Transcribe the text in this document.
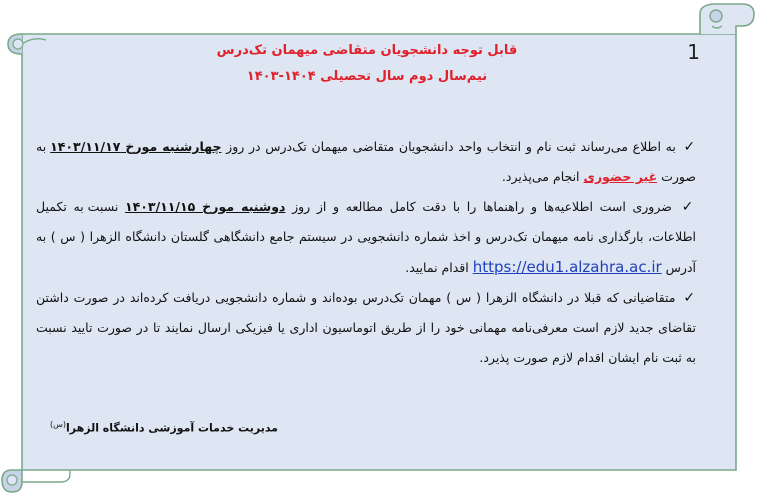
1
قابل توجه دانشجویان متقاضی میهمان تک‌درس
نیم‌سال دوم سال تحصیلی ۱۴۰۴-۱۴۰۳
✓ به اطلاع می‌رساند ثبت نام و انتخاب واحد دانشجویان متقاضی میهمان تک‌درس در روز چهارشنبه مورخ ۱۴۰۳/۱۱/۱۷ به صورت غیر حضوری انجام می‌پذیرد.
✓ ضروری است اطلاعیه‌ها و راهنماها را با دقت کامل مطالعه و از روز دوشنبه مورخ ۱۴۰۳/۱۱/۱۵ نسبت به تکمیل اطلاعات، بارگذاری نامه میهمان تک‌درس و اخذ شماره دانشجویی در سیستم جامع دانشگاهی گلستان دانشگاه الزهرا ( س ) به آدرس https://edu1.alzahra.ac.ir اقدام نمایید.
✓ متقاضیانی که قبلا در دانشگاه الزهرا ( س ) مهمان تک‌درس بوده‌اند و شماره دانشجویی دریافت کرده‌اند در صورت داشتن تقاضای جدید لازم است معرفی‌نامه مهمانی خود را از طریق اتوماسیون اداری یا فیزیکی ارسال نمایند تا در صورت تایید نسبت به ثبت نام ایشان اقدام لازم صورت پذیرد.
مدیریت خدمات آموزشی دانشگاه الزهرا$^{(س)}$
